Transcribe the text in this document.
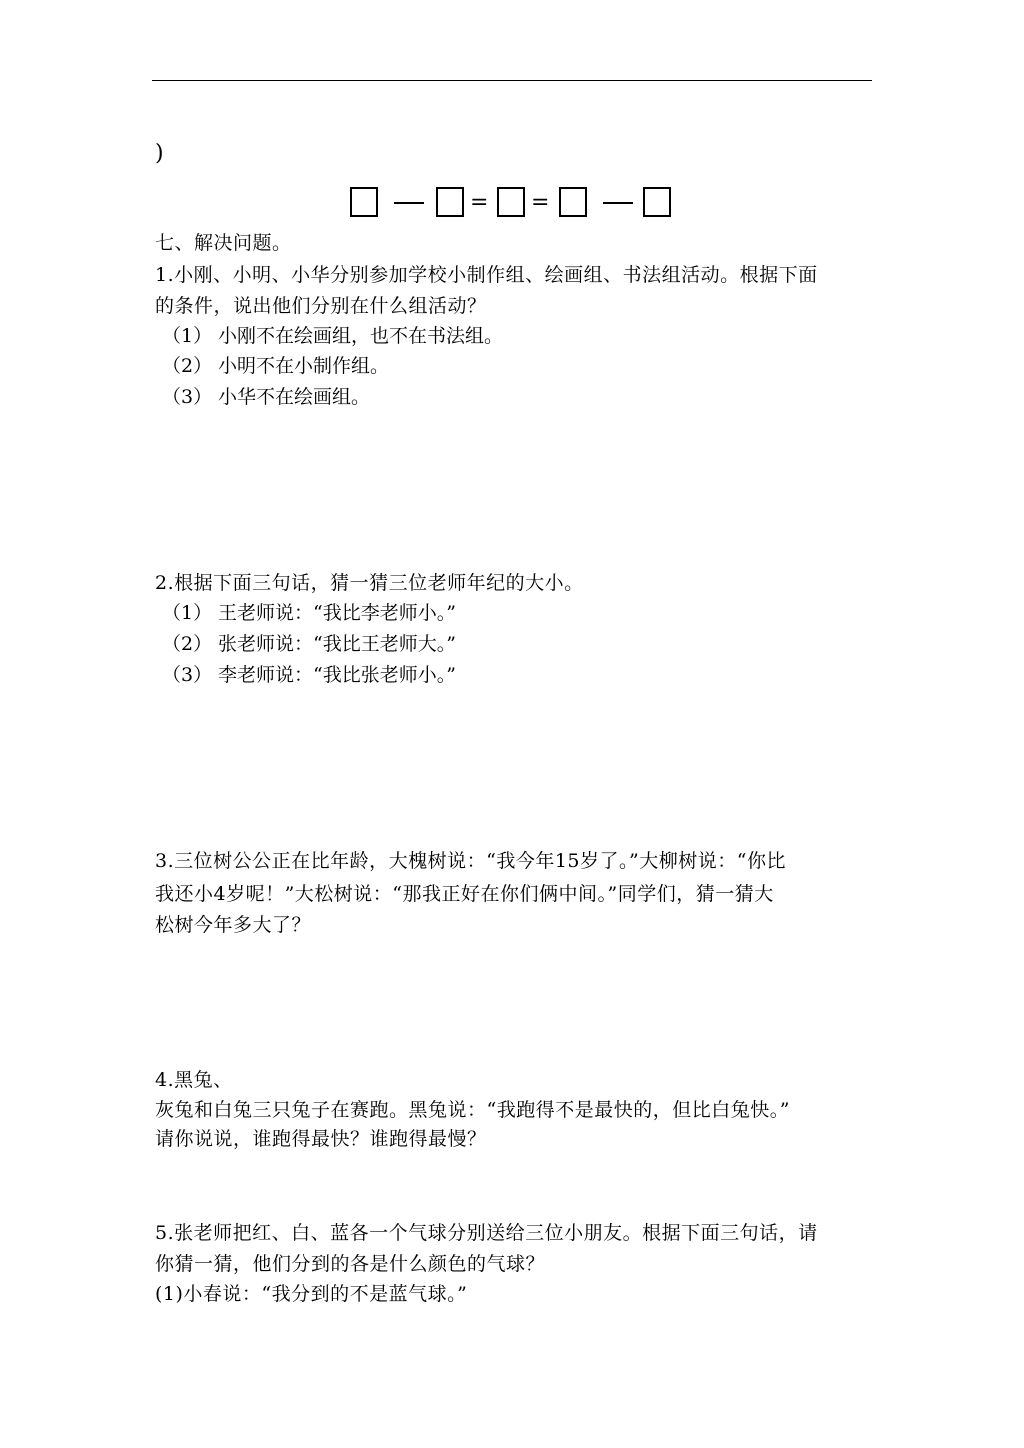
)
= =
七、解决问题。
1.小刚、小明、小华分别参加学校小制作组、绘画组、书法组活动。根据下面
的条件，说出他们分别在什么组活动？
（1） 小刚不在绘画组，也不在书法组。
（2） 小明不在小制作组。
（3） 小华不在绘画组。
2.根据下面三句话，猜一猜三位老师年纪的大小。
（1） 王老师说：“我比李老师小。”
（2） 张老师说：“我比王老师大。”
（3） 李老师说：“我比张老师小。”
3.三位树公公正在比年龄，大槐树说：“我今年15岁了。”大柳树说：“你比
我还小4岁呢！”大松树说：“那我正好在你们俩中间。”同学们，猜一猜大
松树今年多大了？
4.黑兔、
灰兔和白兔三只兔子在赛跑。黑兔说：“我跑得不是最快的，但比白兔快。”
请你说说，谁跑得最快？谁跑得最慢？
5.张老师把红、白、蓝各一个气球分别送给三位小朋友。根据下面三句话，请
你猜一猜，他们分到的各是什么颜色的气球？
(1)小春说：“我分到的不是蓝气球。”
